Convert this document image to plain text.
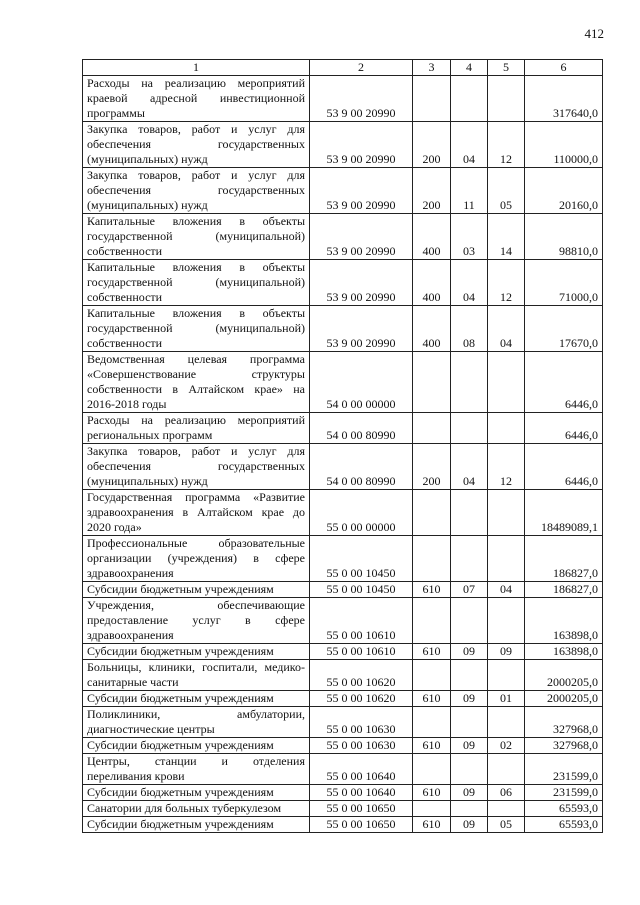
412
1	2	3	4	5	6
Расходы на реализацию мероприятий краевой адресной инвестиционной программы	53 9 00 20990				317640,0
Закупка товаров, работ и услуг для обеспечения государственных (муниципальных) нужд	53 9 00 20990	200	04	12	110000,0
Закупка товаров, работ и услуг для обеспечения государственных (муниципальных) нужд	53 9 00 20990	200	11	05	20160,0
Капитальные вложения в объекты государственной (муниципальной) собственности	53 9 00 20990	400	03	14	98810,0
Капитальные вложения в объекты государственной (муниципальной) собственности	53 9 00 20990	400	04	12	71000,0
Капитальные вложения в объекты государственной (муниципальной) собственности	53 9 00 20990	400	08	04	17670,0
Ведомственная целевая программа «Совершенствование структуры собственности в Алтайском крае» на 2016-2018 годы	54 0 00 00000				6446,0
Расходы на реализацию мероприятий региональных программ	54 0 00 80990				6446,0
Закупка товаров, работ и услуг для обеспечения государственных (муниципальных) нужд	54 0 00 80990	200	04	12	6446,0
Государственная программа «Развитие здравоохранения в Алтайском крае до 2020 года»	55 0 00 00000				18489089,1
Профессиональные образовательные организации (учреждения) в сфере здравоохранения	55 0 00 10450				186827,0
Субсидии бюджетным учреждениям	55 0 00 10450	610	07	04	186827,0
Учреждения, обеспечивающие предоставление услуг в сфере здравоохранения	55 0 00 10610				163898,0
Субсидии бюджетным учреждениям	55 0 00 10610	610	09	09	163898,0
Больницы, клиники, госпитали, медико-санитарные части	55 0 00 10620				2000205,0
Субсидии бюджетным учреждениям	55 0 00 10620	610	09	01	2000205,0
Поликлиники, амбулатории, диагностические центры	55 0 00 10630				327968,0
Субсидии бюджетным учреждениям	55 0 00 10630	610	09	02	327968,0
Центры, станции и отделения переливания крови	55 0 00 10640				231599,0
Субсидии бюджетным учреждениям	55 0 00 10640	610	09	06	231599,0
Санатории для больных туберкулезом	55 0 00 10650				65593,0
Субсидии бюджетным учреждениям	55 0 00 10650	610	09	05	65593,0
